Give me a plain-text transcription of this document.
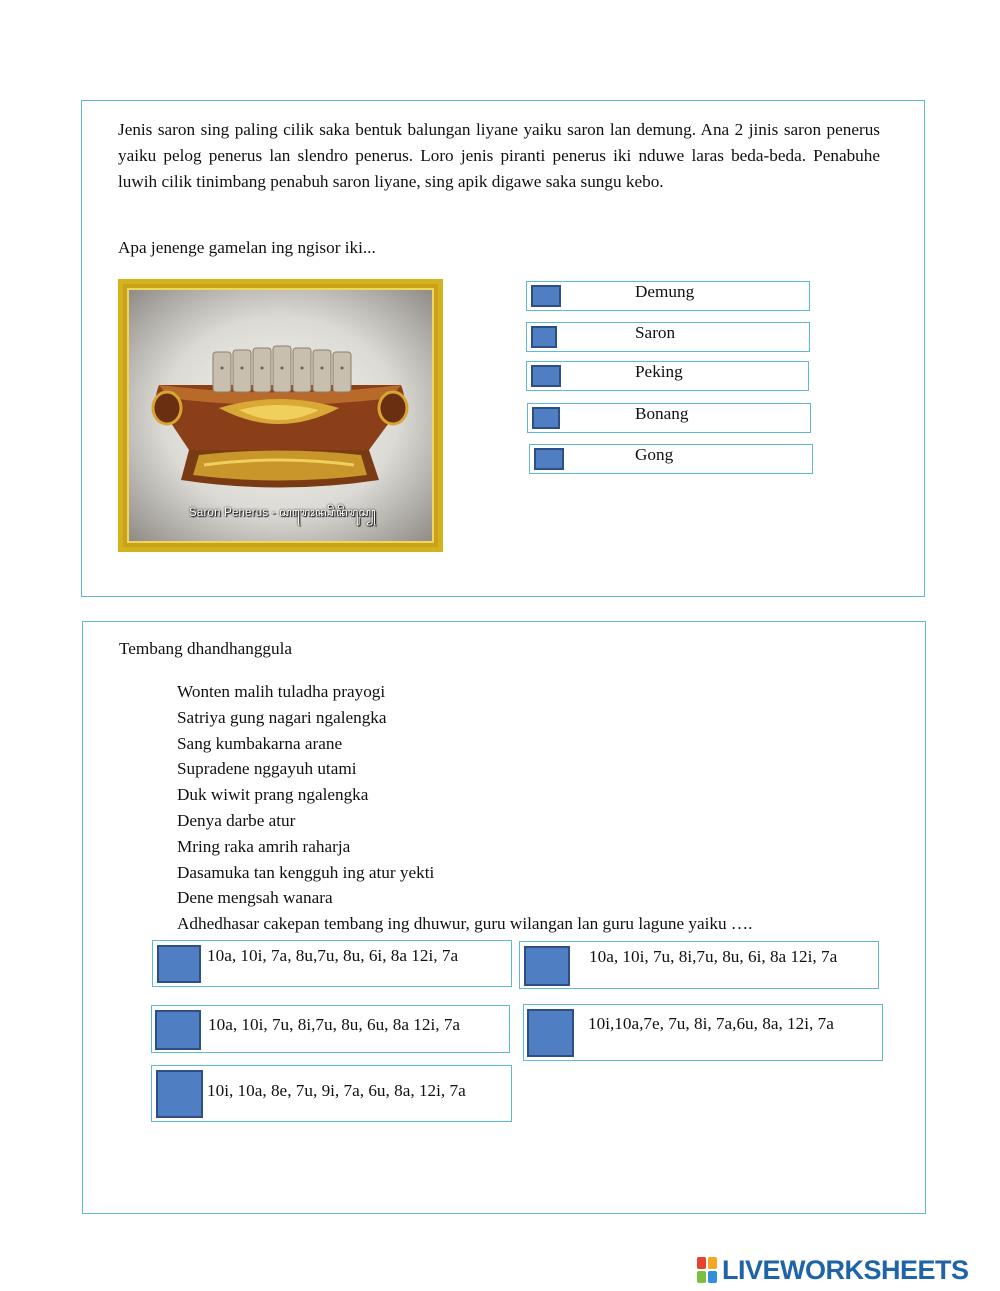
Jenis saron sing paling cilik saka bentuk balungan liyane yaiku saron lan demung. Ana 2 jinis saron penerus yaiku pelog penerus lan slendro penerus. Loro jenis piranti penerus iki nduwe laras beda-beda. Penabuhe luwih cilik tinimbang penabuh saron liyane, sing apik digawe saka sungu kebo.

Apa jenenge gamelan ing ngisor iki...

Saron Penerus - ꦱꦫꦺꦴꦤ꧀ꦥꦼꦤꦼꦫꦸꦱ꧀
Demung
Saron
Peking
Bonang
Gong

Tembang dhandhanggula

Wonten malih tuladha prayogi
Satriya gung nagari ngalengka
Sang kumbakarna arane
Supradene nggayuh utami
Duk wiwit prang ngalengka
Denya darbe atur
Mring raka amrih raharja
Dasamuka tan kengguh ing atur yekti
Dene mengsah wanara
Adhedhasar cakepan tembang ing dhuwur, guru wilangan lan guru lagune yaiku ….
10a, 10i, 7a, 8u,7u, 8u, 6i, 8a 12i, 7a	10a, 10i, 7u, 8i,7u, 8u, 6i, 8a 12i, 7a
10a, 10i, 7u, 8i,7u, 8u, 6u, 8a 12i, 7a	10i,10a,7e, 7u, 8i, 7a,6u, 8a, 12i, 7a
10i, 10a, 8e, 7u, 9i, 7a, 6u, 8a, 12i, 7a
LIVEWORKSHEETS
